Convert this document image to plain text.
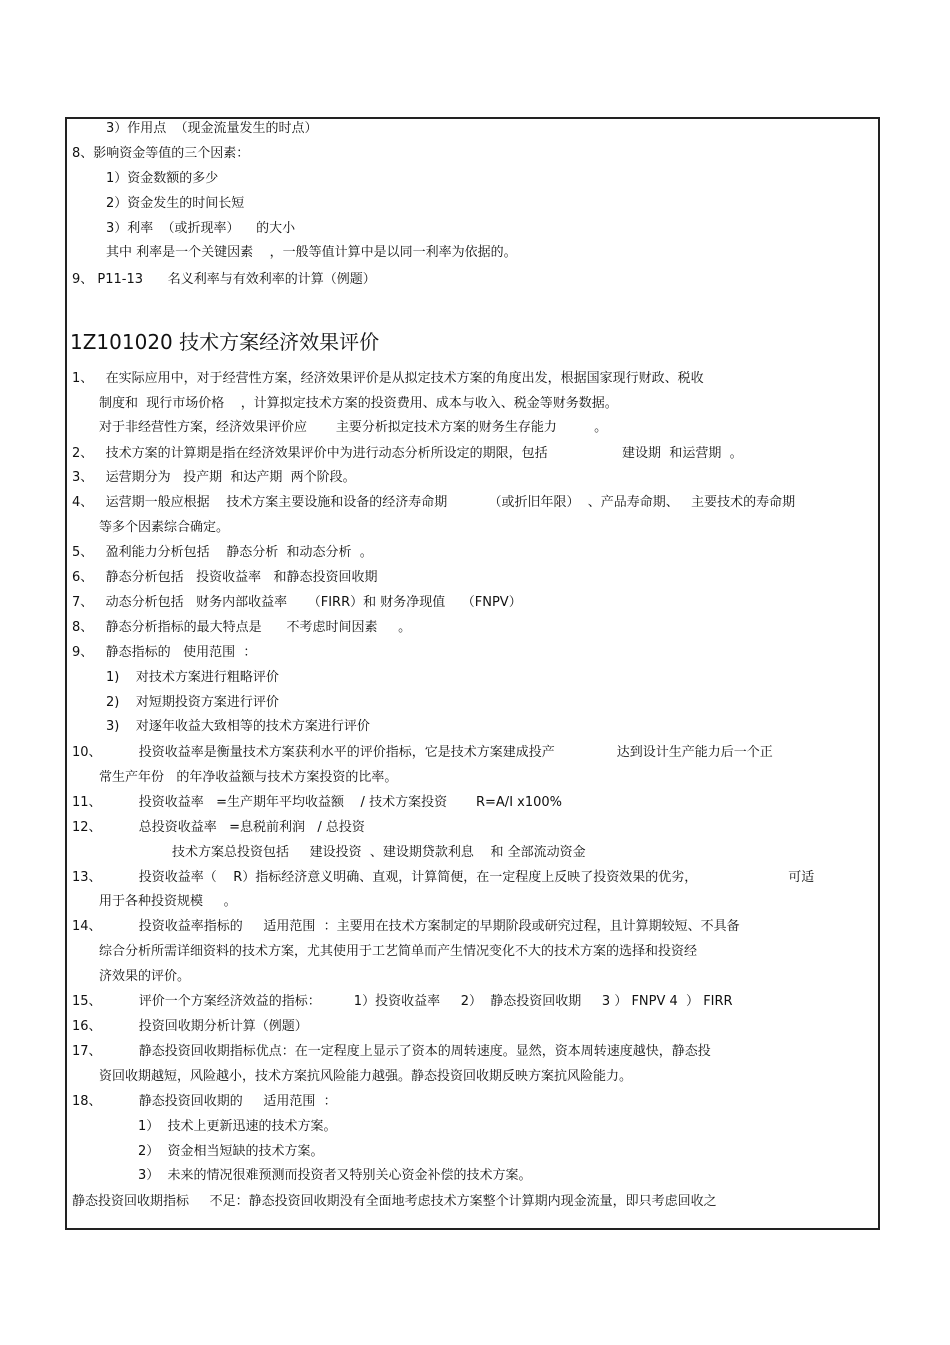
1Z101020 技术方案经济效果评价
3）作用点  （现金流量发生的时点）
8、影响资金等值的三个因素：
1）资金数额的多少
2）资金发生的时间长短
3）利率  （或折现率）    的大小
其中 利率是一个关键因素    ，一般等值计算中是以同一利率为依据的。
9、 P11-13      名义利率与有效利率的计算（例题）
1、   在实际应用中，对于经营性方案，经济效果评价是从拟定技术方案的角度出发，根据国家现行财政、税收
制度和  现行市场价格    ，计算拟定技术方案的投资费用、成本与收入、税金等财务数据。
对于非经营性方案，经济效果评价应       主要分析拟定技术方案的财务生存能力         。
2、   技术方案的计算期是指在经济效果评价中为进行动态分析所设定的期限，包括                  建设期  和运营期  。
3、   运营期分为   投产期  和达产期  两个阶段。
4、   运营期一般应根据    技术方案主要设施和设备的经济寿命期          （或折旧年限）  、产品寿命期、   主要技术的寿命期
等多个因素综合确定。
5、   盈利能力分析包括    静态分析  和动态分析  。
6、   静态分析包括   投资收益率   和静态投资回收期
7、   动态分析包括   财务内部收益率     （FIRR）和 财务净现值    （FNPV）
8、   静态分析指标的最大特点是      不考虑时间因素     。
9、   静态指标的   使用范围  ：
1)    对技术方案进行粗略评价
2)    对短期投资方案进行评价
3)    对逐年收益大致相等的技术方案进行评价
10、         投资收益率是衡量技术方案获利水平的评价指标，它是技术方案建成投产               达到设计生产能力后一个正
常生产年份   的年净收益额与技术方案投资的比率。
11、         投资收益率   =生产期年平均收益额    / 技术方案投资       R=A/I x100%
12、         总投资收益率   =息税前利润   / 总投资
技术方案总投资包括     建设投资  、建设期贷款利息    和 全部流动资金
13、         投资收益率（    R）指标经济意义明确、直观，计算简便，在一定程度上反映了投资效果的优劣，                      可适
用于各种投资规模     。
14、         投资收益率指标的     适用范围  ：主要用在技术方案制定的早期阶段或研究过程，且计算期较短、不具备
综合分析所需详细资料的技术方案，尤其使用于工艺简单而产生情况变化不大的技术方案的选择和投资经
济效果的评价。
15、         评价一个方案经济效益的指标：        1）投资收益率     2）  静态投资回收期     3 ） FNPV 4  ） FIRR
16、         投资回收期分析计算（例题）
17、         静态投资回收期指标优点：在一定程度上显示了资本的周转速度。显然，资本周转速度越快，静态投
资回收期越短，风险越小，技术方案抗风险能力越强。静态投资回收期反映方案抗风险能力。
18、         静态投资回收期的     适用范围  ：
1）  技术上更新迅速的技术方案。
2）  资金相当短缺的技术方案。
3）  未来的情况很难预测而投资者又特别关心资金补偿的技术方案。
静态投资回收期指标     不足：静态投资回收期没有全面地考虑技术方案整个计算期内现金流量，即只考虑回收之
